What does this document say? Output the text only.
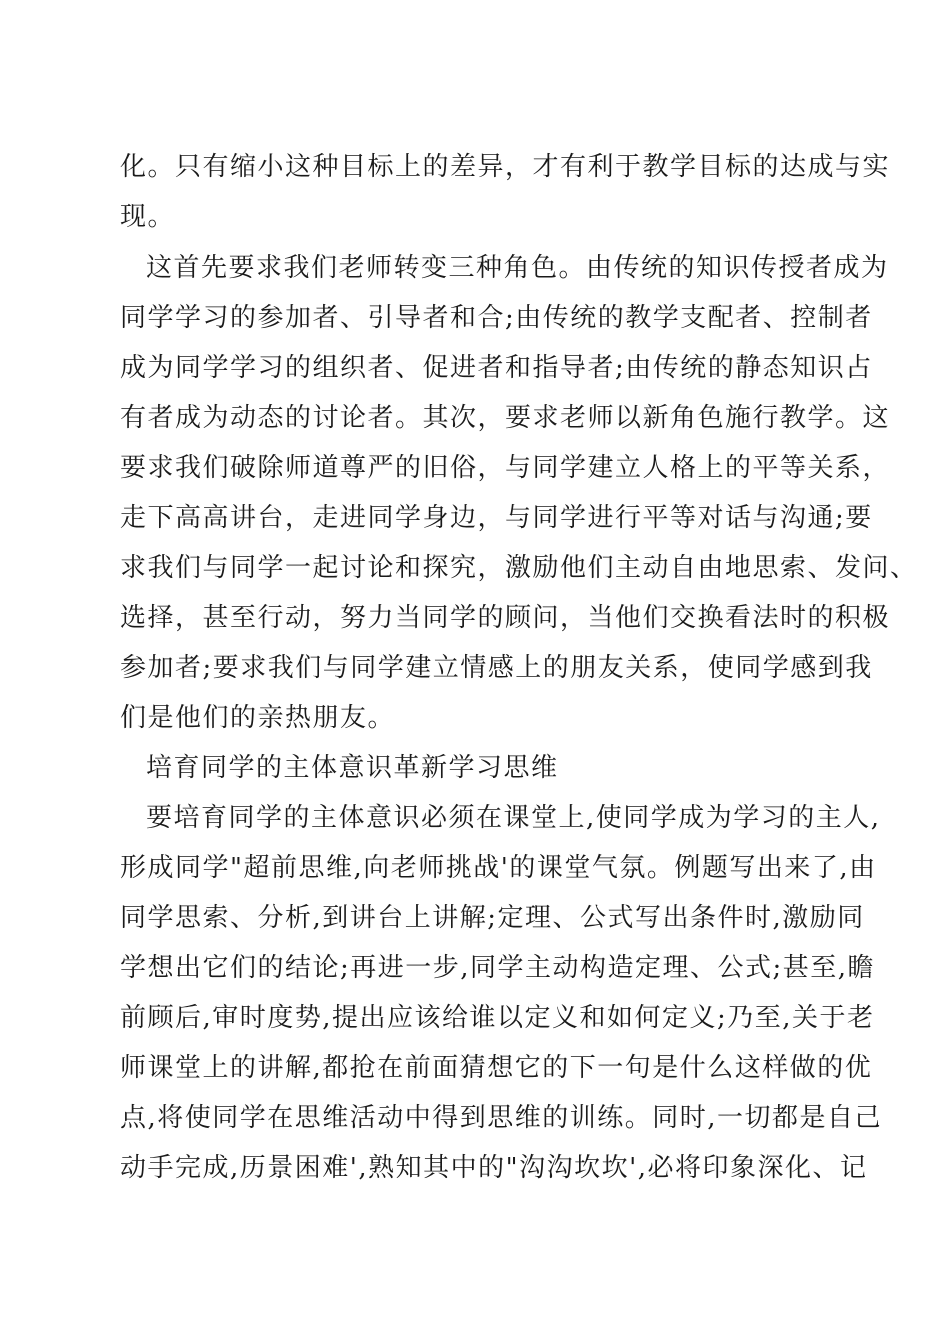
化。只有缩小这种目标上的差异，才有利于教学目标的达成与实
现。
这首先要求我们老师转变三种角色。由传统的知识传授者成为
同学学习的参加者、引导者和合;由传统的教学支配者、控制者
成为同学学习的组织者、促进者和指导者;由传统的静态知识占
有者成为动态的讨论者。其次，要求老师以新角色施行教学。这
要求我们破除师道尊严的旧俗，与同学建立人格上的平等关系，
走下高高讲台，走进同学身边，与同学进行平等对话与沟通;要
求我们与同学一起讨论和探究，激励他们主动自由地思索、发问、
选择，甚至行动，努力当同学的顾问，当他们交换看法时的积极
参加者;要求我们与同学建立情感上的朋友关系，使同学感到我
们是他们的亲热朋友。
培育同学的主体意识革新学习思维
要培育同学的主体意识必须在课堂上,使同学成为学习的主人,
形成同学"超前思维,向老师挑战'的课堂气氛。例题写出来了,由
同学思索、分析,到讲台上讲解;定理、公式写出条件时,激励同
学想出它们的结论;再进一步,同学主动构造定理、公式;甚至,瞻
前顾后,审时度势,提出应该给谁以定义和如何定义;乃至,关于老
师课堂上的讲解,都抢在前面猜想它的下一句是什么这样做的优
点,将使同学在思维活动中得到思维的训练。同时,一切都是自己
动手完成,历景困难',熟知其中的"沟沟坎坎',必将印象深化、记
